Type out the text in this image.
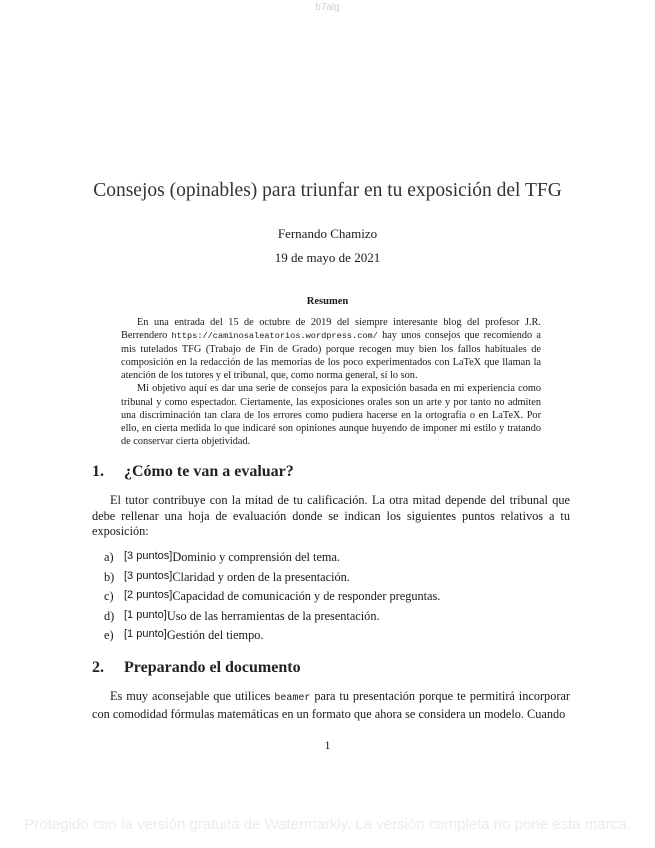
b7alg
Consejos (opinables) para triunfar en tu exposición del TFG
Fernando Chamizo
19 de mayo de 2021
Resumen

En una entrada del 15 de octubre de 2019 del siempre interesante blog del profesor J.R. Berrendero https://caminosaleatorios.wordpress.com/ hay unos consejos que recomiendo a mis tutelados TFG (Trabajo de Fin de Grado) porque recogen muy bien los fallos habituales de composición en la redacción de las memorias de los poco experimentados con LaTeX que llaman la atención de los tutores y el tribunal, que, como norma general, sí lo son.

Mi objetivo aquí es dar una serie de consejos para la exposición basada en mi experiencia como tribunal y como espectador. Ciertamente, las exposiciones orales son un arte y por tanto no admiten una discriminación tan clara de los errores como pudiera hacerse en la ortografía o en LaTeX. Por ello, en cierta medida lo que indicaré son opiniones aunque huyendo de imponer mi estilo y tratando de conservar cierta objetividad.

1. ¿Cómo te van a evaluar?

El tutor contribuye con la mitad de tu calificación. La otra mitad depende del tribunal que debe rellenar una hoja de evaluación donde se indican los siguientes puntos relativos a tu exposición:

a) [3 puntos] Dominio y comprensión del tema.
b) [3 puntos] Claridad y orden de la presentación.
c) [2 puntos] Capacidad de comunicación y de responder preguntas.
d) [1 punto] Uso de las herramientas de la presentación.
e) [1 punto] Gestión del tiempo.
2. Preparando el documento

Es muy aconsejable que utilices beamer para tu presentación porque te permitirá incorporar con comodidad fórmulas matemáticas en un formato que ahora se considera un modelo. Cuando

1
Protegido con la versión gratuita de Watermarkly. La versión completa no pone esta marca.
